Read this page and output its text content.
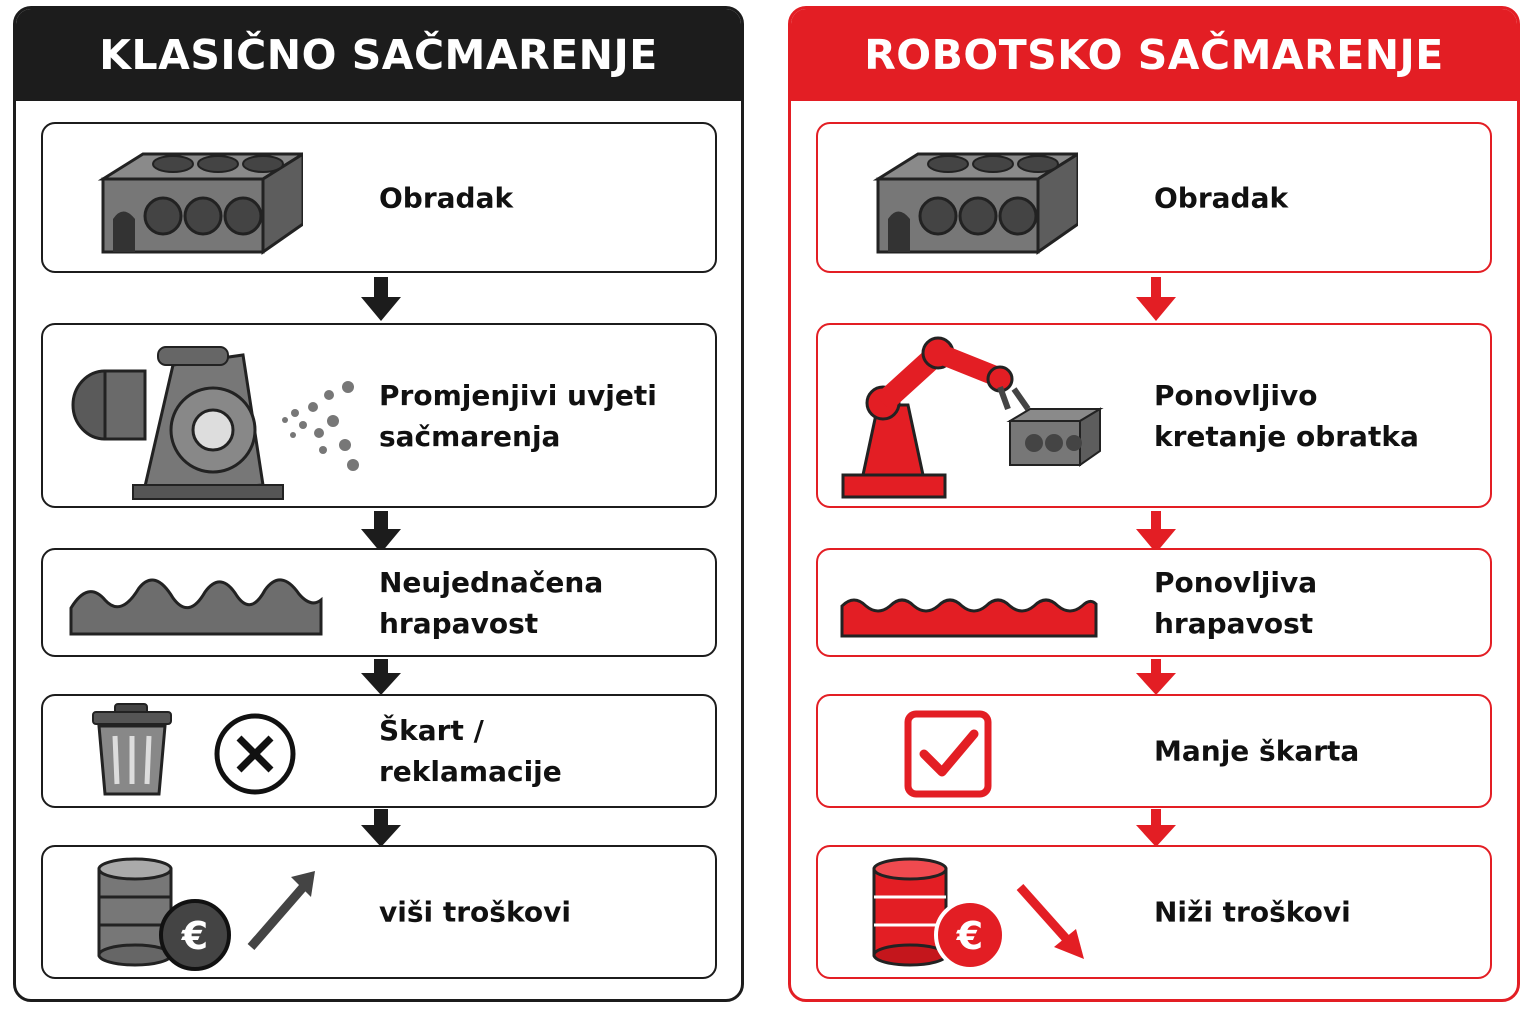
KLASIČNO SAČMARENJE
Obradak
Promjenjivi uvjeti
sačmarenja
Neujednačena
hrapavost
Škart /
reklamacije
€
viši troškovi
ROBOTSKO SAČMARENJE
Obradak
Ponovljivo
kretanje obratka
Ponovljiva
hrapavost
Manje škarta
€
Niži troškovi
